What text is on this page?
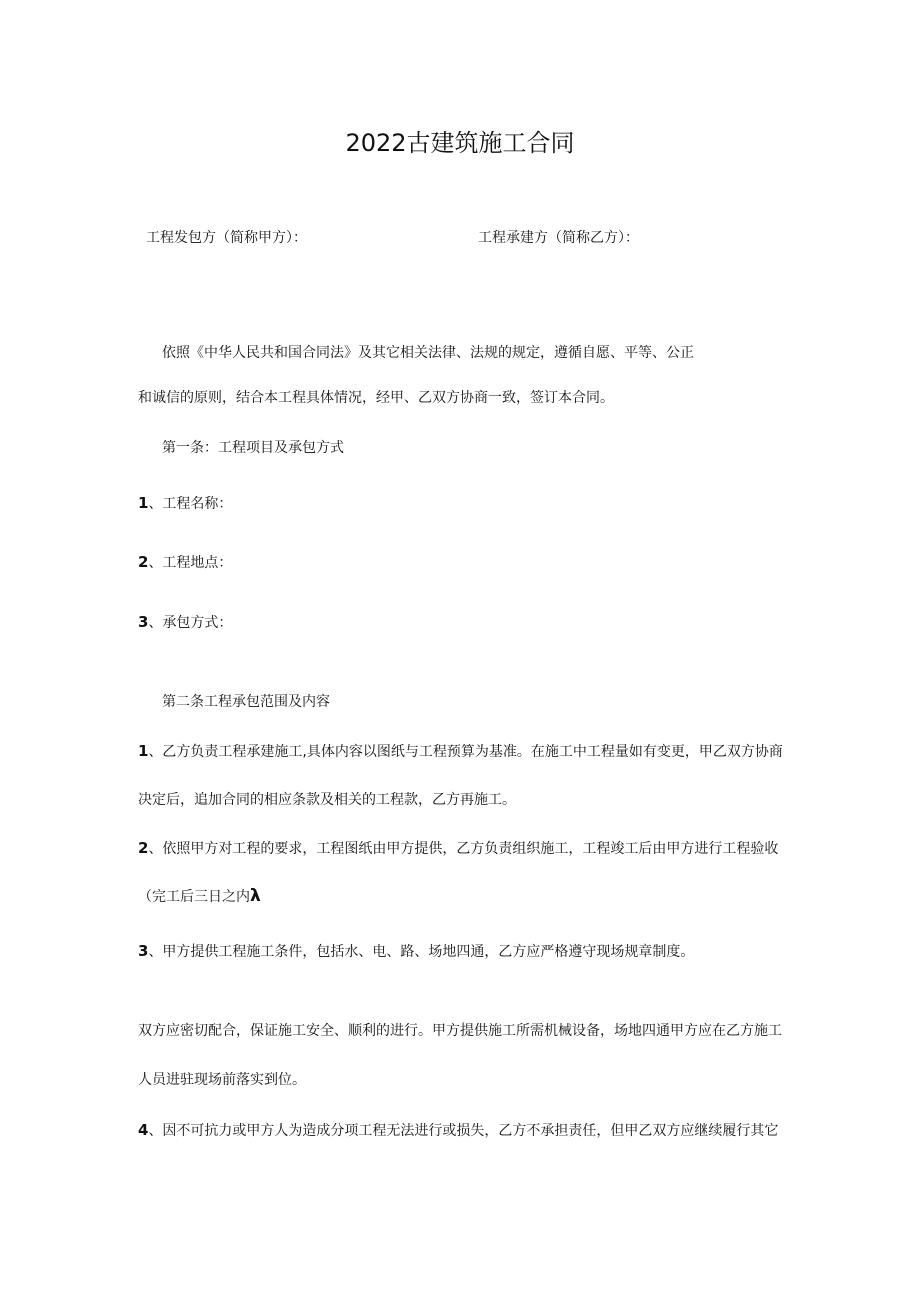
2022古建筑施工合同
工程发包方（简称甲方）：	工程承建方（简称乙方）：
依照《中华人民共和国合同法》及其它相关法律、法规的规定，遵循自愿、平等、公正
和诚信的原则，结合本工程具体情况，经甲、乙双方协商一致，签订本合同。
第一条：工程项目及承包方式
1、工程名称：
2、工程地点：
3、承包方式：
第二条工程承包范围及内容
1、乙方负责工程承建施工,具体内容以图纸与工程预算为基准。在施工中工程量如有变更，甲乙双方协商
决定后，追加合同的相应条款及相关的工程款，乙方再施工。
2、依照甲方对工程的要求，工程图纸由甲方提供，乙方负责组织施工，工程竣工后由甲方进行工程验收
（完工后三日之内λ
3、甲方提供工程施工条件，包括水、电、路、场地四通，乙方应严格遵守现场规章制度。
双方应密切配合，保证施工安全、顺利的进行。甲方提供施工所需机械设备，场地四通甲方应在乙方施工
人员进驻现场前落实到位。
4、因不可抗力或甲方人为造成分项工程无法进行或损失，乙方不承担责任，但甲乙双方应继续履行其它
